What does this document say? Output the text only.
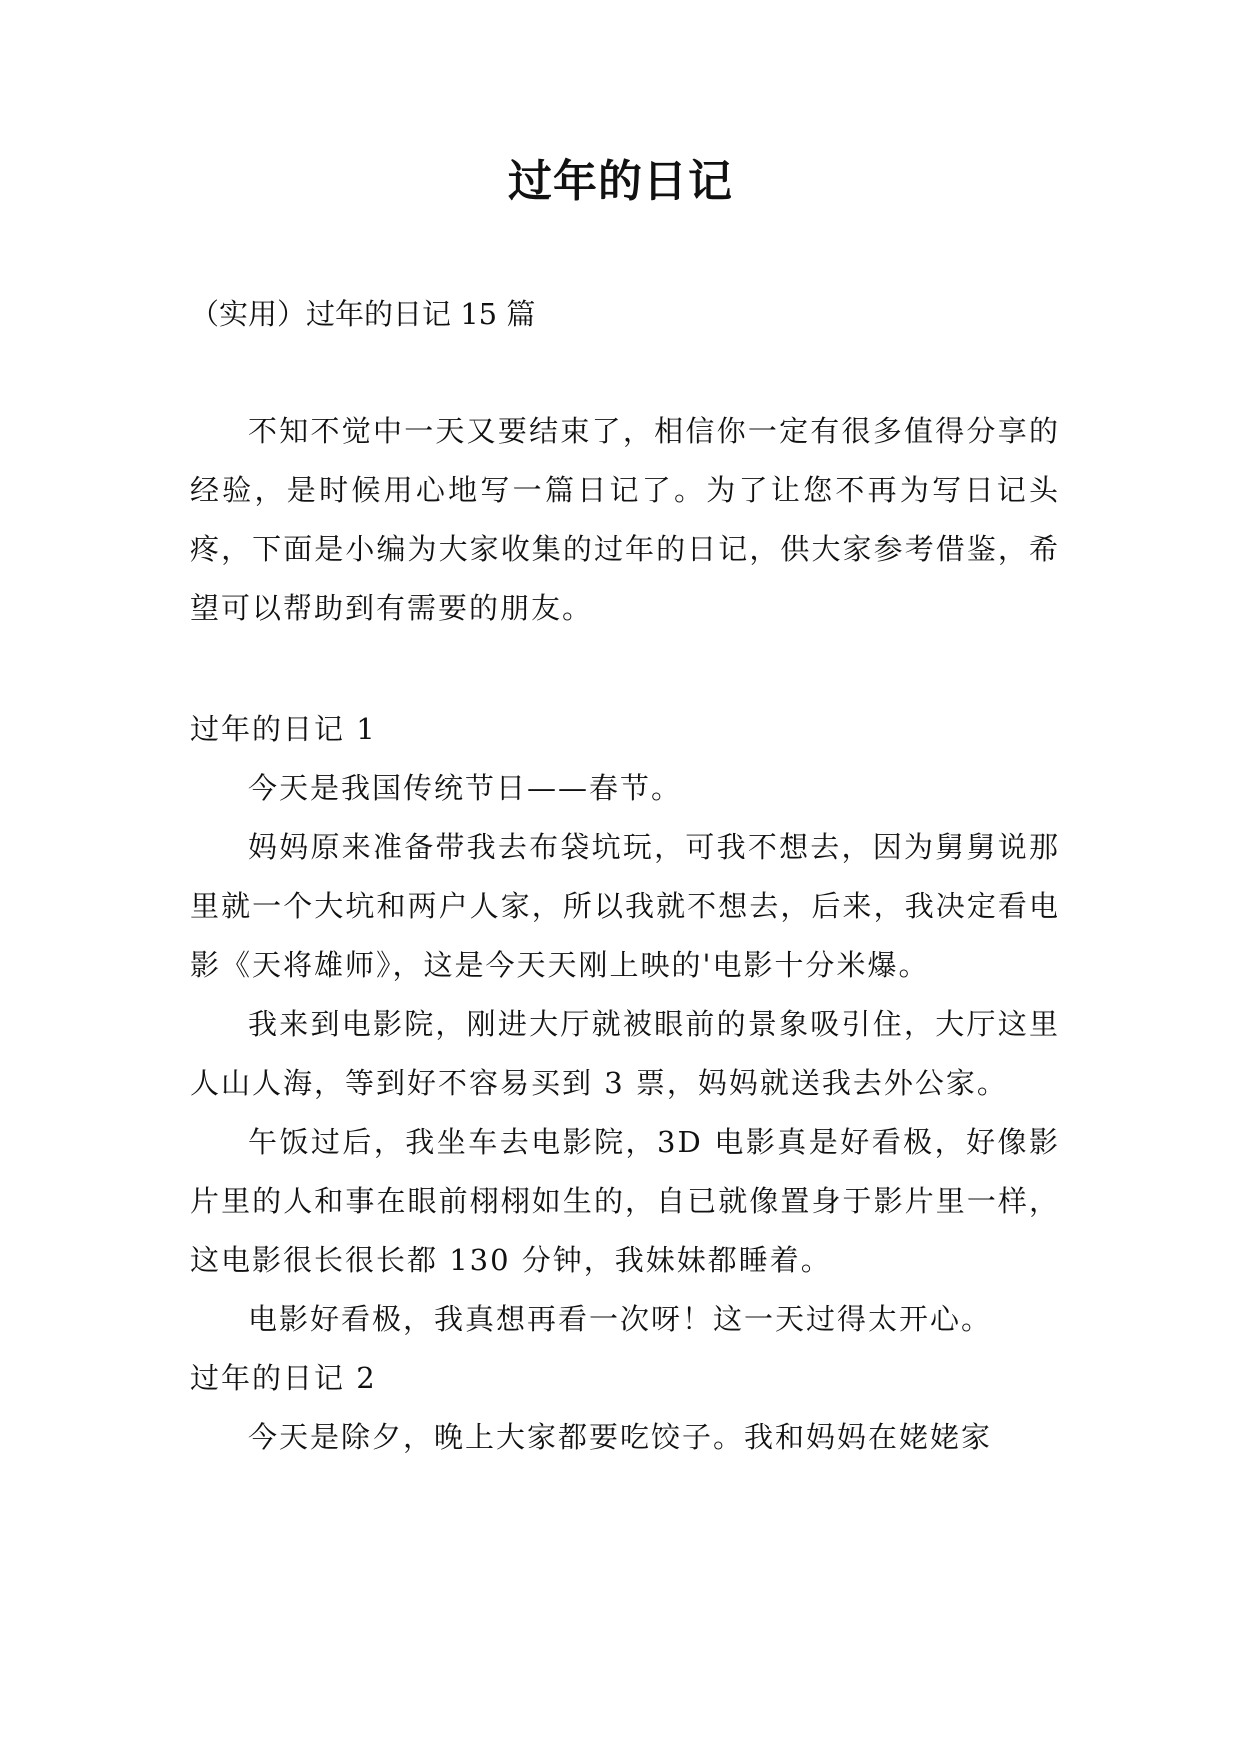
过年的日记
（实用）过年的日记 15 篇

不知不觉中一天又要结束了，相信你一定有很多值得分享的经验，是时候用心地写一篇日记了。为了让您不再为写日记头疼，下面是小编为大家收集的过年的日记，供大家参考借鉴，希望可以帮助到有需要的朋友。

过年的日记 1

今天是我国传统节日——春节。

妈妈原来准备带我去布袋坑玩，可我不想去，因为舅舅说那里就一个大坑和两户人家，所以我就不想去，后来，我决定看电影《天将雄师》，这是今天天刚上映的'电影十分米爆。

我来到电影院，刚进大厅就被眼前的景象吸引住，大厅这里人山人海，等到好不容易买到 3 票，妈妈就送我去外公家。

午饭过后，我坐车去电影院，3D 电影真是好看极，好像影片里的人和事在眼前栩栩如生的，自已就像置身于影片里一样，这电影很长很长都 130 分钟，我妹妹都睡着。

电影好看极，我真想再看一次呀！这一天过得太开心。

过年的日记 2

今天是除夕，晚上大家都要吃饺子。我和妈妈在姥姥家
